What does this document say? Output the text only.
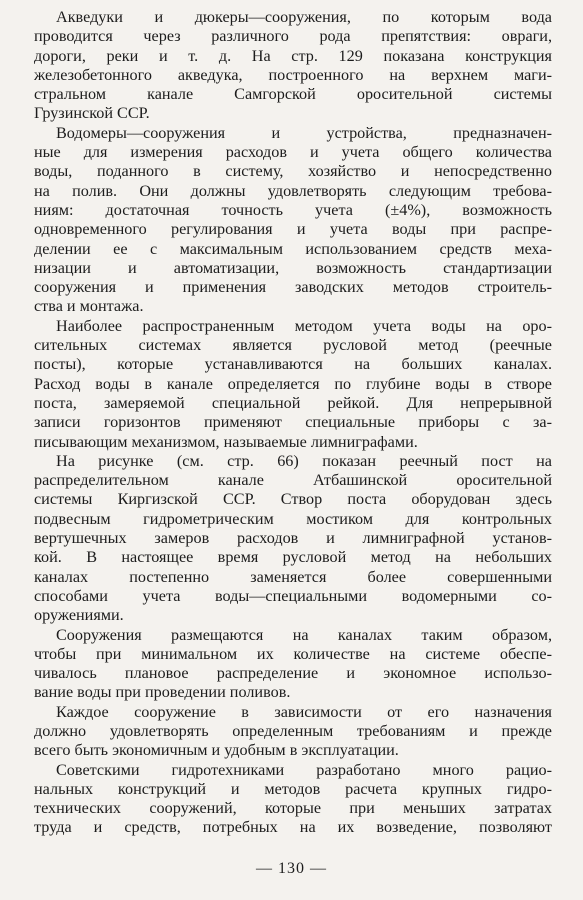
Акведуки и дюкеры—сооружения, по которым вода
проводится через различного рода препятствия: овраги,
дороги, реки и т. д. На стр. 129 показана конструкция
железобетонного акведука, построенного на верхнем маги-
стральном канале Самгорской оросительной системы
Грузинской ССР.
Водомеры—сооружения и устройства, предназначен-
ные для измерения расходов и учета общего количества
воды, поданного в систему, хозяйство и непосредственно
на полив. Они должны удовлетворять следующим требова-
ниям: достаточная точность учета (±4%), возможность
одновременного регулирования и учета воды при распре-
делении ее с максимальным использованием средств меха-
низации и автоматизации, возможность стандартизации
сооружения и применения заводских методов строитель-
ства и монтажа.
Наиболее распространенным методом учета воды на оро-
сительных системах является русловой метод (реечные
посты), которые устанавливаются на больших каналах.
Расход воды в канале определяется по глубине воды в створе
поста, замеряемой специальной рейкой. Для непрерывной
записи горизонтов применяют специальные приборы с за-
писывающим механизмом, называемые лимниграфами.
На рисунке (см. стр. 66) показан реечный пост на
распределительном канале Атбашинской оросительной
системы Киргизской ССР. Створ поста оборудован здесь
подвесным гидрометрическим мостиком для контрольных
вертушечных замеров расходов и лимниграфной установ-
кой. В настоящее время русловой метод на небольших
каналах постепенно заменяется более совершенными
способами учета воды—специальными водомерными со-
оружениями.
Сооружения размещаются на каналах таким образом,
чтобы при минимальном их количестве на системе обеспе-
чивалось плановое распределение и экономное использо-
вание воды при проведении поливов.
Каждое сооружение в зависимости от его назначения
должно удовлетворять определенным требованиям и прежде
всего быть экономичным и удобным в эксплуатации.
Советскими гидротехниками разработано много рацио-
нальных конструкций и методов расчета крупных гидро-
технических сооружений, которые при меньших затратах
труда и средств, потребных на их возведение, позволяют
— 130 —
